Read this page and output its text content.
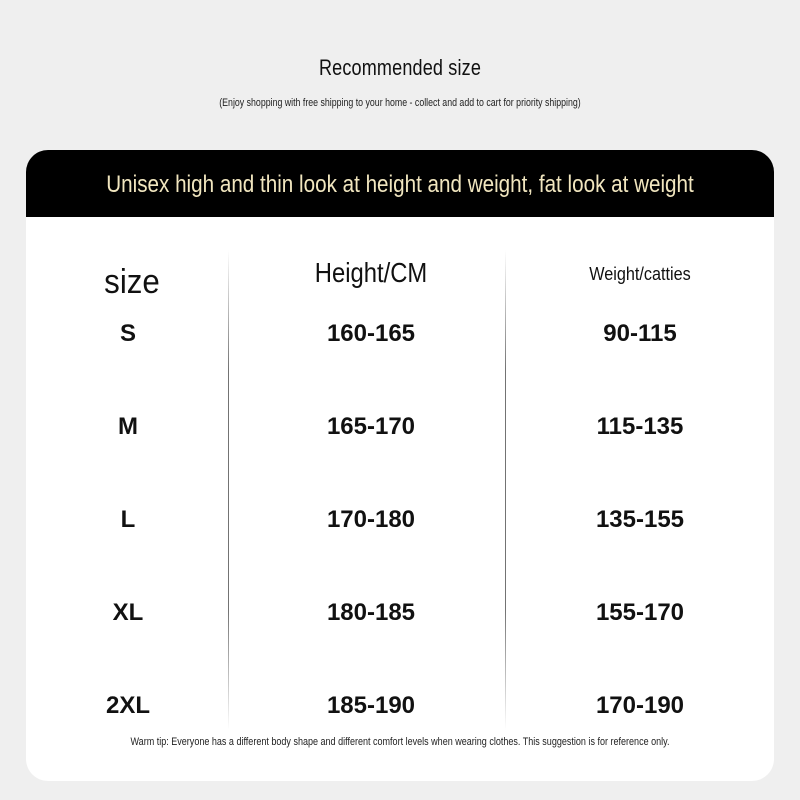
Recommended size
(Enjoy shopping with free shipping to your home - collect and add to cart for priority shipping)
Unisex high and thin look at height and weight, fat look at weight
size	Height/CM	Weight/catties
S	160-165	90-115
M	165-170	115-135
L	170-180	135-155
XL	180-185	155-170
2XL	185-190	170-190
Warm tip: Everyone has a different body shape and different comfort levels when wearing clothes. This suggestion is for reference only.
